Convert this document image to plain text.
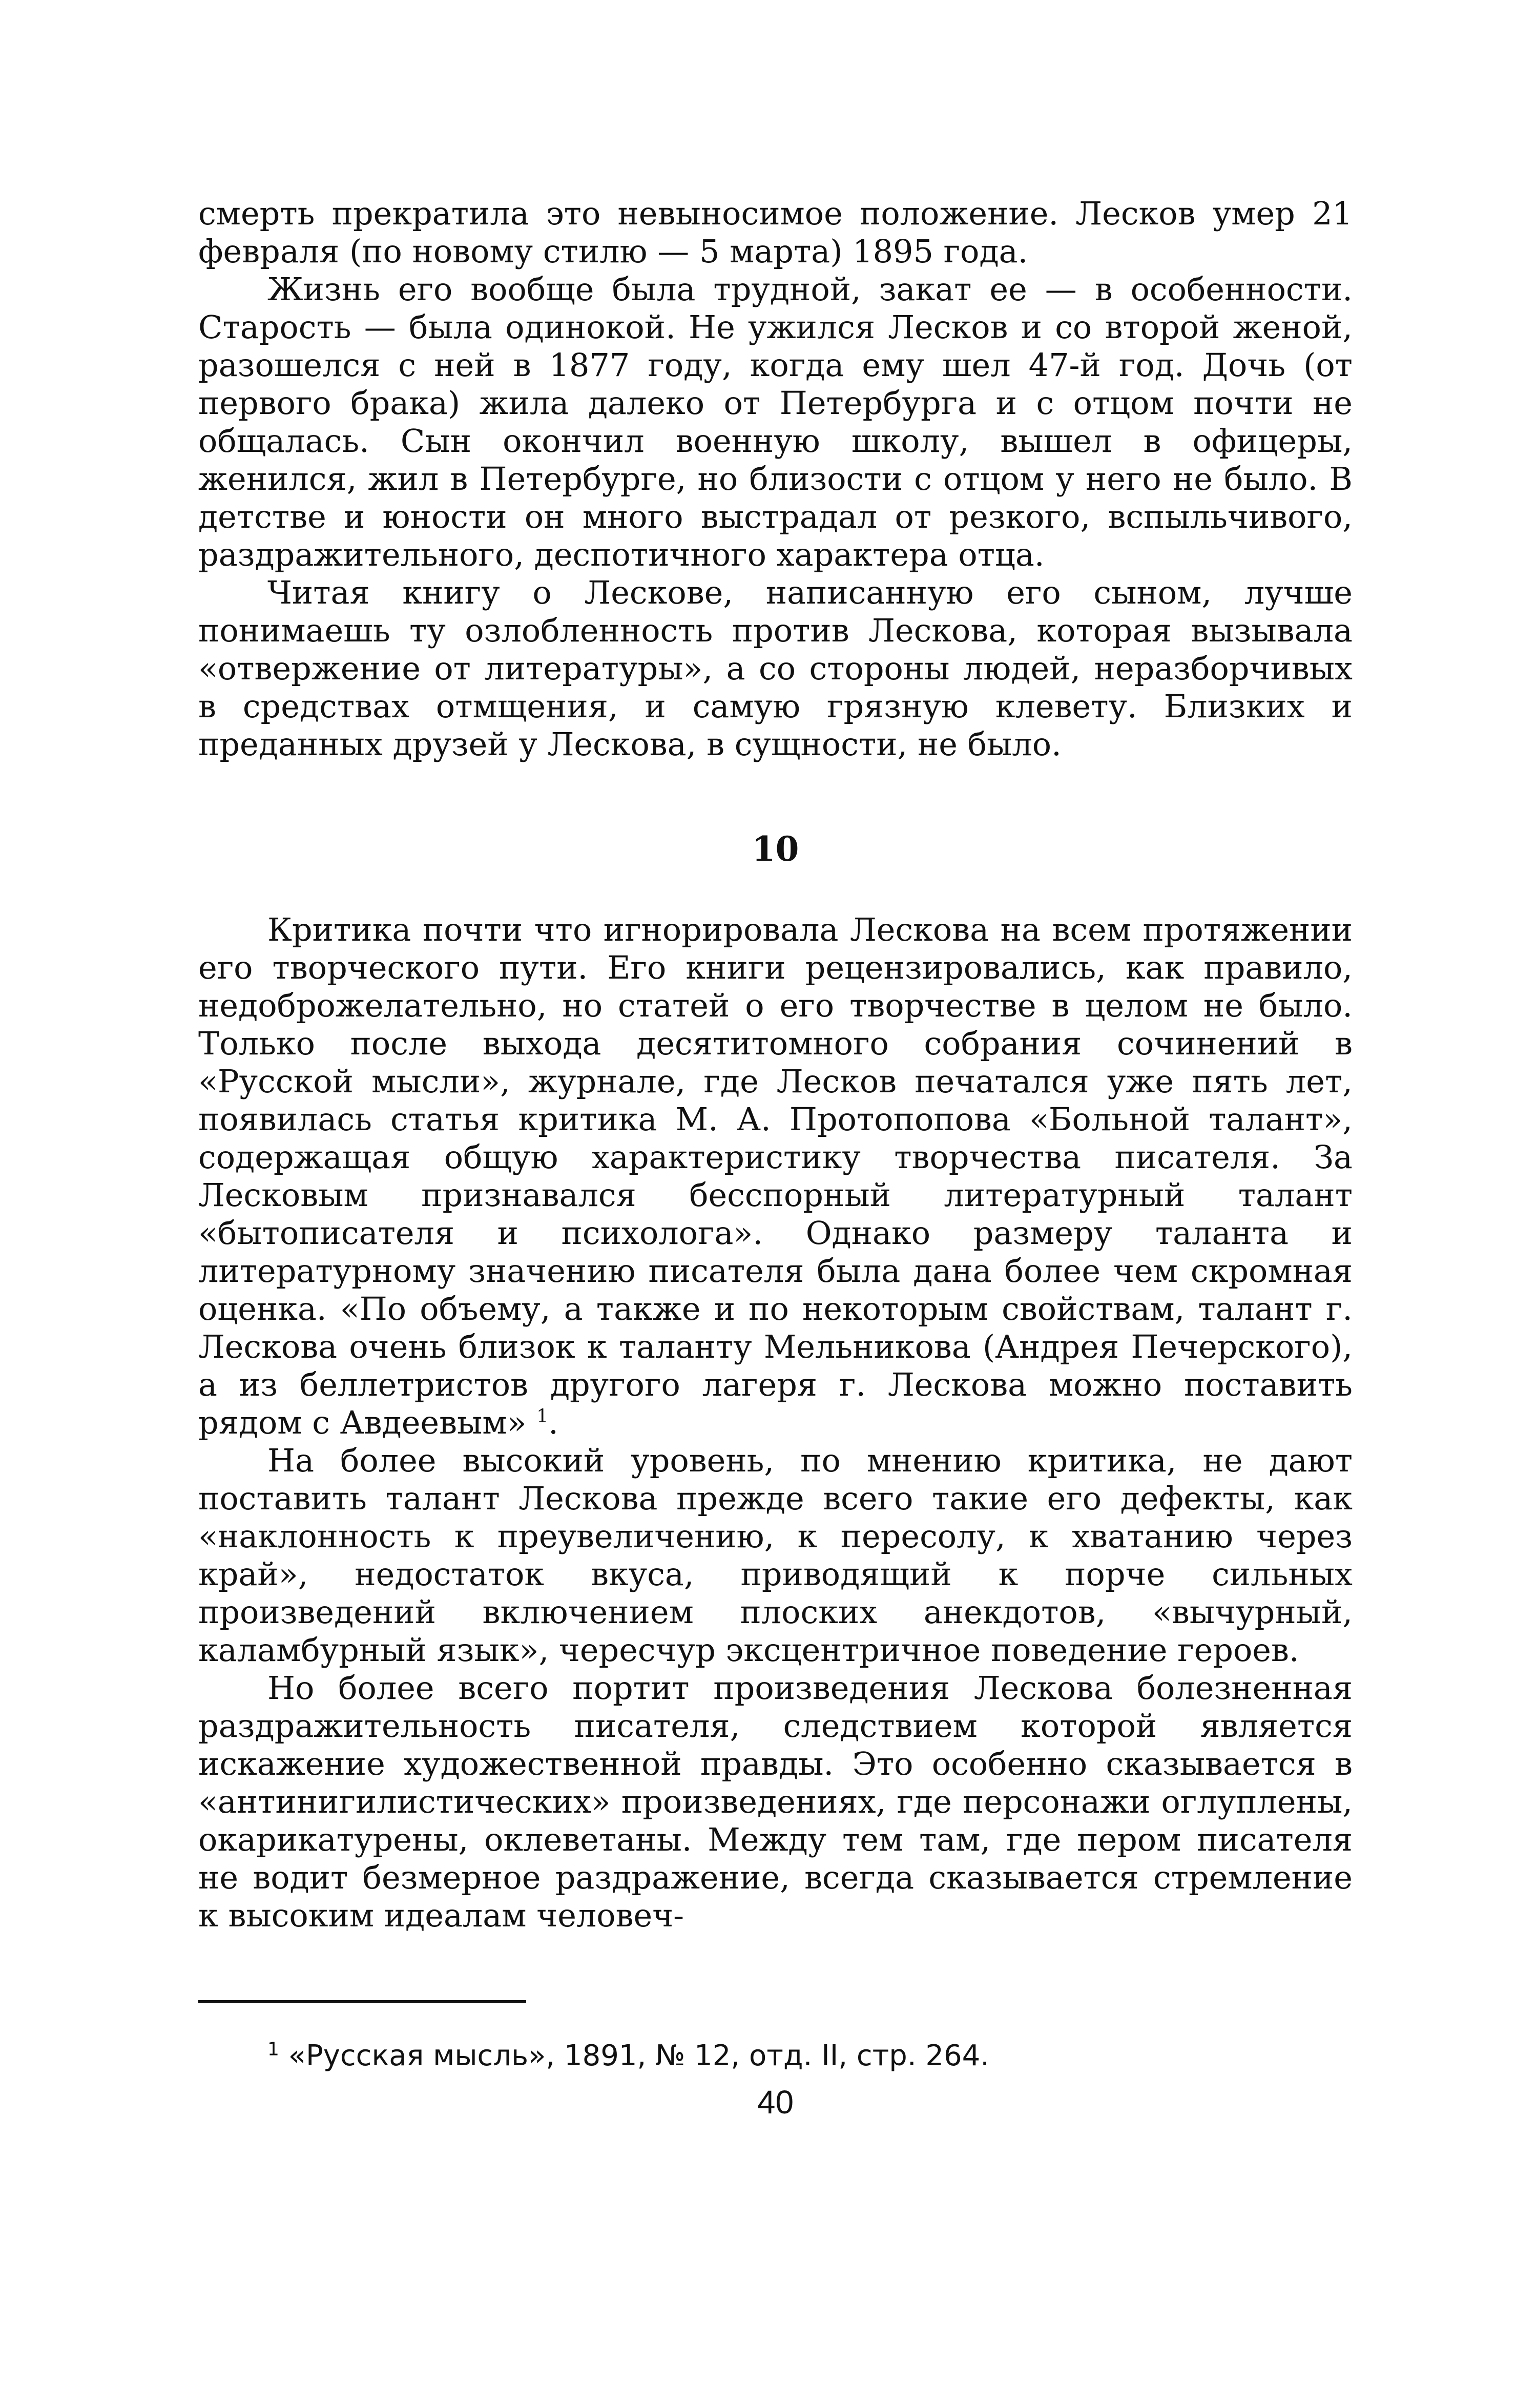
смерть прекратила это невыносимое положение. Лесков умер 21 февраля (по новому стилю — 5 марта) 1895 года.

Жизнь его вообще была трудной, закат ее — в особенности. Старость — была одинокой. Не ужился Лесков и со второй женой, разошелся с ней в 1877 году, когда ему шел 47-й год. Дочь (от первого брака) жила далеко от Петербурга и с отцом почти не общалась. Сын окончил военную школу, вышел в офицеры, женился, жил в Петербурге, но близости с отцом у него не было. В детстве и юности он много выстрадал от резкого, вспыльчивого, раздражительного, деспотичного характера отца.

Читая книгу о Лескове, написанную его сыном, лучше понимаешь ту озлобленность против Лескова, которая вызывала «отвержение от литературы», а со стороны людей, неразборчивых в средствах отмщения, и самую грязную клевету. Близких и преданных друзей у Лескова, в сущности, не было.

10

Критика почти что игнорировала Лескова на всем протяжении его творческого пути. Его книги рецензировались, как правило, недоброжелательно, но статей о его творчестве в целом не было. Только после выхода десятитомного собрания сочинений в «Русской мысли», журнале, где Лесков печатался уже пять лет, появилась статья критика М. А. Протопопова «Больной талант», содержащая общую характеристику творчества писателя. За Лесковым признавался бесспорный литературный талант «бытописателя и психолога». Однако размеру таланта и литературному значению писателя была дана более чем скромная оценка. «По объему, а также и по некоторым свойствам, талант г. Лескова очень близок к таланту Мельникова (Андрея Печерского), а из беллетристов другого лагеря г. Лескова можно поставить рядом с Авдеевым» $^1$.

На более высокий уровень, по мнению критика, не дают поставить талант Лескова прежде всего такие его дефекты, как «наклонность к преувеличению, к пересолу, к хватанию через край», недостаток вкуса, приводящий к порче сильных произведений включением плоских анекдотов, «вычурный, каламбурный язык», чересчур эксцентричное поведение героев.

Но более всего портит произведения Лескова болезненная раздражительность писателя, следствием которой является искажение художественной правды. Это особенно сказывается в «антинигилистических» произведениях, где персонажи оглуплены, окарикатурены, оклеветаны. Между тем там, где пером писателя не водит безмерное раздражение, всегда сказывается стремление к высоким идеалам человеч-

$^1$ «Русская мысль», 1891, № 12, отд. II, стр. 264.
40
